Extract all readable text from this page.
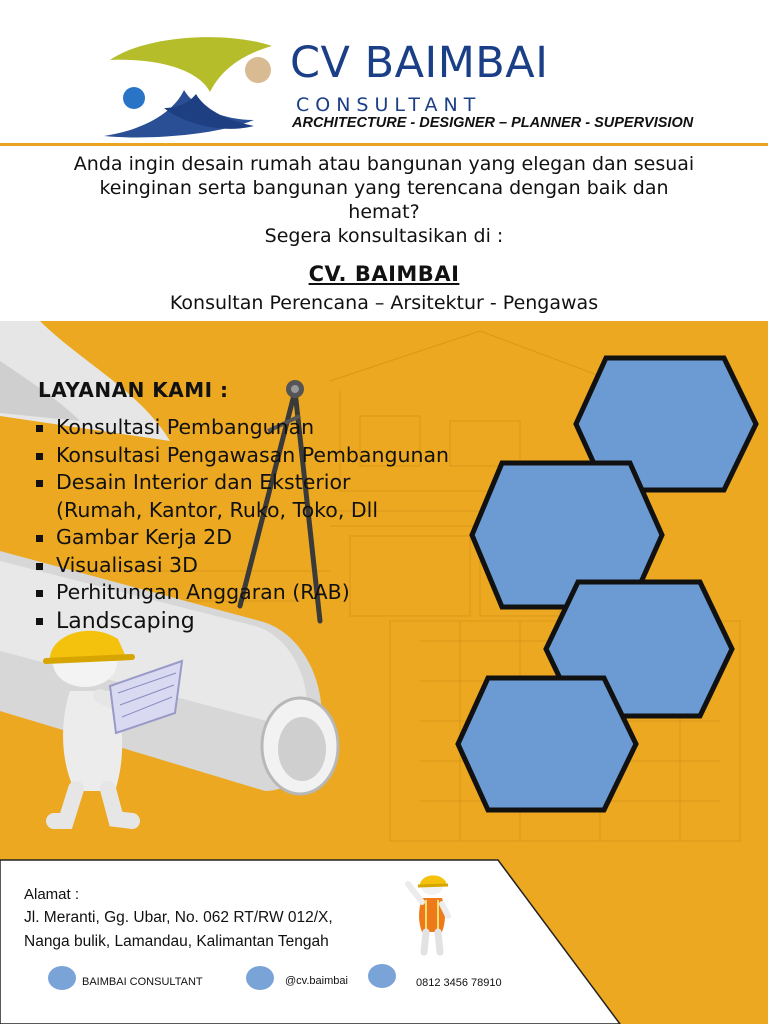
CV BAIMBAI
CONSULTANT
ARCHITECTURE - DESIGNER – PLANNER - SUPERVISION

Anda ingin desain rumah atau bangunan yang elegan dan sesuai

keinginan serta bangunan yang terencana dengan baik dan

hemat?

Segera konsultasikan di :

CV. BAIMBAI
Konsultan Perencana – Arsitektur - Pengawas
LAYANAN KAMI :
Konsultasi Pembangunan
Konsultasi Pengawasan Pembangunan
Desain Interior dan Eksterior
(Rumah, Kantor, Ruko, Toko, Dll
Gambar Kerja 2D
Visualisasi 3D
Perhitungan Anggaran (RAB)
Landscaping
Alamat :
Jl. Meranti, Gg. Ubar, No. 062 RT/RW 012/X,
Nanga bulik, Lamandau, Kalimantan Tengah
BAIMBAI CONSULTANT	@cv.baimbai	0812 3456 78910
